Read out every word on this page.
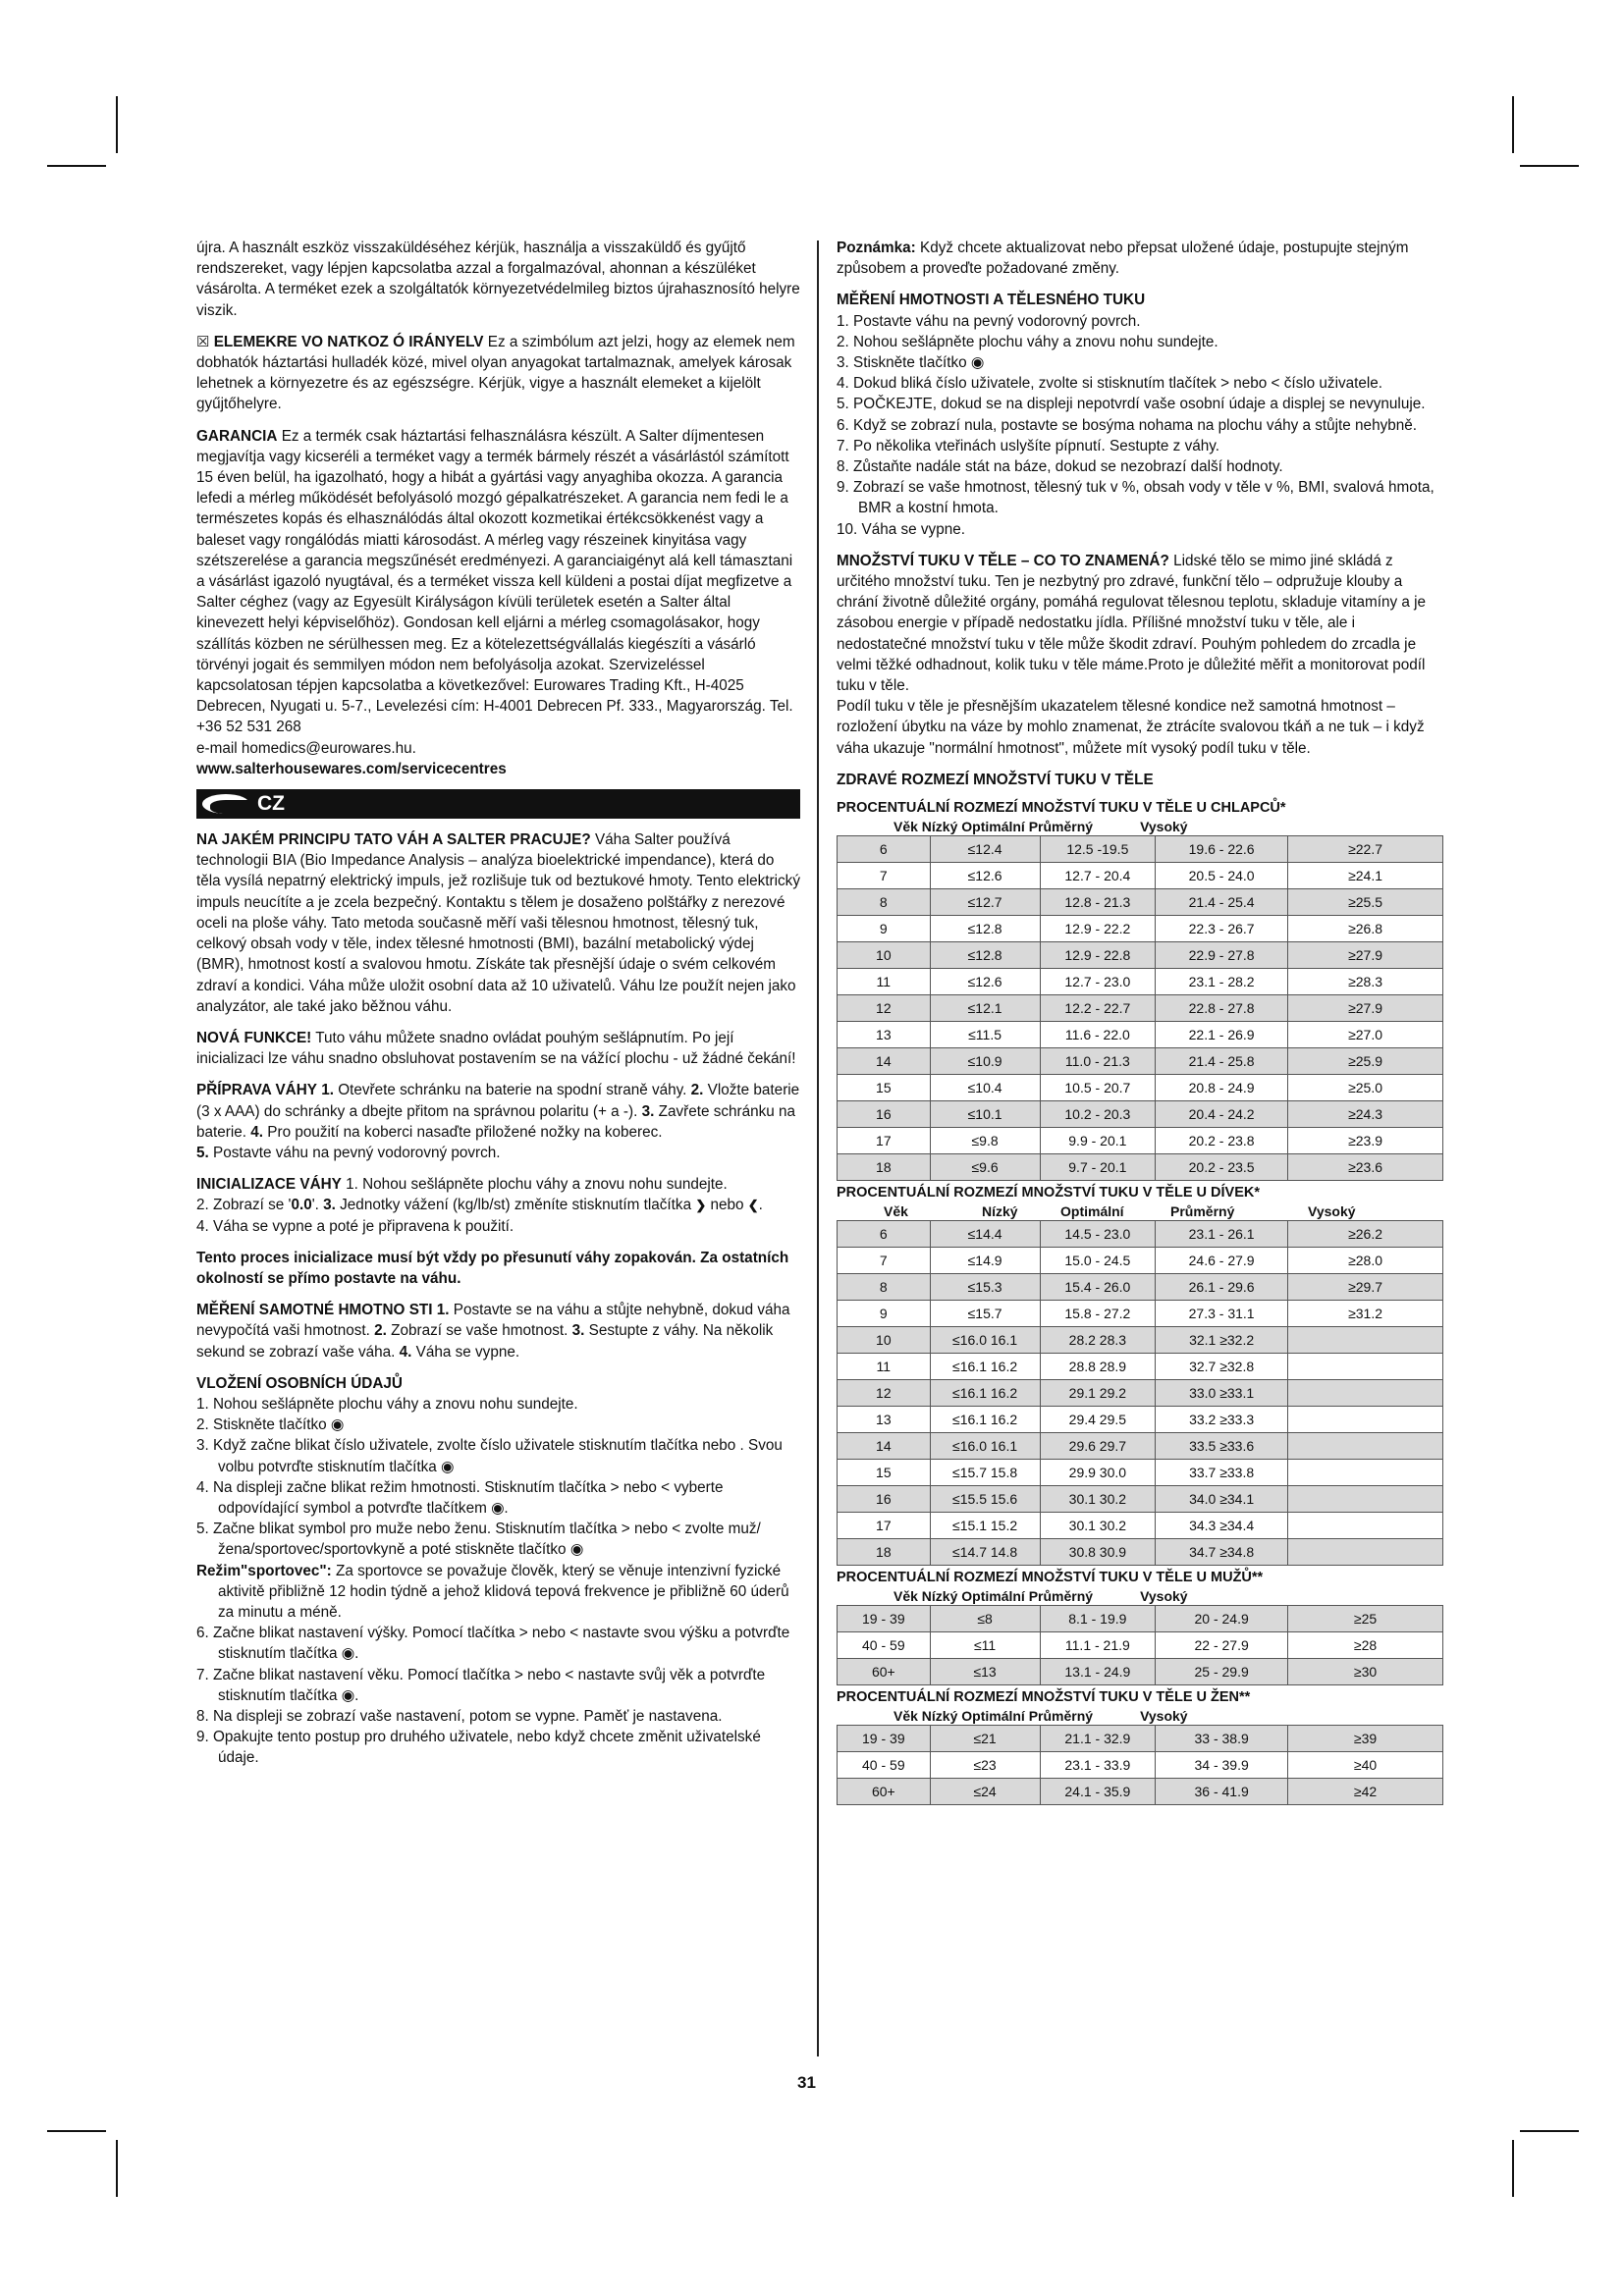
újra. A használt eszköz visszaküldéséhez kérjük, használja a visszaküldő és gyűjtő rendszereket, vagy lépjen kapcsolatba azzal a forgalmazóval, ahonnan a készüléket vásárolta. A terméket ezek a szolgáltatók környezetvédelmileg biztos újrahasznosító helyre viszik.

☒ ELEMEKRE VO NATKOZ Ó IRÁNYELV Ez a szimbólum azt jelzi, hogy az elemek nem dobhatók háztartási hulladék közé, mivel olyan anyagokat tartalmaznak, amelyek károsak lehetnek a környezetre és az egészségre. Kérjük, vigye a használt elemeket a kijelölt gyűjtőhelyre.

GARANCIA Ez a termék csak háztartási felhasználásra készült. A Salter díjmentesen megjavítja vagy kicseréli a terméket vagy a termék bármely részét a vásárlástól számított 15 éven belül, ha igazolható, hogy a hibát a gyártási vagy anyaghiba okozza. A garancia lefedi a mérleg működését befolyásoló mozgó gépalkatrészeket. A garancia nem fedi le a természetes kopás és elhasználódás által okozott kozmetikai értékcsökkenést vagy a baleset vagy rongálódás miatti károsodást. A mérleg vagy részeinek kinyitása vagy szétszerelése a garancia megszűnését eredményezi. A garanciaigényt alá kell támasztani a vásárlást igazoló nyugtával, és a terméket vissza kell küldeni a postai díjat megfizetve a Salter céghez (vagy az Egyesült Királyságon kívüli területek esetén a Salter által kinevezett helyi képviselőhöz). Gondosan kell eljárni a mérleg csomagolásakor, hogy szállítás közben ne sérülhessen meg. Ez a kötelezettségvállalás kiegészíti a vásárló törvényi jogait és semmilyen módon nem befolyásolja azokat. Szervizeléssel kapcsolatosan tépjen kapcsolatba a következővel: Eurowares Trading Kft., H-4025 Debrecen, Nyugati u. 5-7., Levelezési cím: H-4001 Debrecen Pf. 333., Magyarország. Tel. +36 52 531 268

e-mail homedics@eurowares.hu.

www.salterhousewares.com/servicecentres

CZ

NA JAKÉM PRINCIPU TATO VÁH A SALTER PRACUJE? Váha Salter používá technologii BIA (Bio Impedance Analysis – analýza bioelektrické impendance), která do těla vysílá nepatrný elektrický impuls, jež rozlišuje tuk od beztukové hmoty. Tento elektrický impuls neucítíte a je zcela bezpečný. Kontaktu s tělem je dosaženo polštářky z nerezové oceli na ploše váhy. Tato metoda současně měří vaši tělesnou hmotnost, tělesný tuk, celkový obsah vody v těle, index tělesné hmotnosti (BMI), bazální metabolický výdej (BMR), hmotnost kostí a svalovou hmotu. Získáte tak přesnější údaje o svém celkovém zdraví a kondici. Váha může uložit osobní data až 10 uživatelů. Váhu lze použít nejen jako analyzátor, ale také jako běžnou váhu.

NOVÁ FUNKCE! Tuto váhu můžete snadno ovládat pouhým sešlápnutím. Po její inicializaci lze váhu snadno obsluhovat postavením se na vážící plochu - už žádné čekání!

PŘÍPRAVA VÁHY 1. Otevřete schránku na baterie na spodní straně váhy. 2. Vložte baterie (3 x AAA) do schránky a dbejte přitom na správnou polaritu (+ a -). 3. Zavřete schránku na baterie. 4. Pro použití na koberci nasaďte přiložené nožky na koberec.
5. Postavte váhu na pevný vodorovný povrch.

INICIALIZACE VÁHY 1. Nohou sešlápněte plochu váhy a znovu nohu sundejte.
2. Zobrazí se '0.0'. 3. Jednotky vážení (kg/lb/st) změníte stisknutím tlačítka ❯ nebo ❮.
4. Váha se vypne a poté je připravena k použití.

Tento proces inicializace musí být vždy po přesunutí váhy zopakován. Za ostatních okolností se přímo postavte na váhu.

MĚŘENÍ SAMOTNÉ HMOTNO STI 1. Postavte se na váhu a stůjte nehybně, dokud váha nevypočítá vaši hmotnost. 2. Zobrazí se vaše hmotnost. 3. Sestupte z váhy. Na několik sekund se zobrazí vaše váha. 4. Váha se vypne.

VLOŽENÍ OSOBNÍCH ÚDAJŮ

1. Nohou sešlápněte plochu váhy a znovu nohu sundejte.
2. Stiskněte tlačítko ◉
3. Když začne blikat číslo uživatele, zvolte číslo uživatele stisknutím tlačítka nebo . Svou volbu potvrďte stisknutím tlačítka ◉
4. Na displeji začne blikat režim hmotnosti. Stisknutím tlačítka > nebo < vyberte odpovídající symbol a potvrďte tlačítkem ◉.
5. Začne blikat symbol pro muže nebo ženu. Stisknutím tlačítka > nebo < zvolte muž/žena/sportovec/sportovkyně a poté stiskněte tlačítko ◉

Režim"sportovec": Za sportovce se považuje člověk, který se věnuje intenzivní fyzické aktivitě přibližně 12 hodin týdně a jehož klidová tepová frekvence je přibližně 60 úderů za minutu a méně.

6. Začne blikat nastavení výšky. Pomocí tlačítka > nebo < nastavte svou výšku a potvrďte stisknutím tlačítka ◉.
7. Začne blikat nastavení věku. Pomocí tlačítka > nebo < nastavte svůj věk a potvrďte stisknutím tlačítka ◉.
8. Na displeji se zobrazí vaše nastavení, potom se vypne. Paměť je nastavena.
9. Opakujte tento postup pro druhého uživatele, nebo když chcete změnit uživatelské údaje.

Poznámka: Když chcete aktualizovat nebo přepsat uložené údaje, postupujte stejným způsobem a proveďte požadované změny.

MĚŘENÍ HMOTNOSTI A TĚLESNÉHO TUKU

1. Postavte váhu na pevný vodorovný povrch.
2. Nohou sešlápněte plochu váhy a znovu nohu sundejte.
3. Stiskněte tlačítko ◉
4. Dokud bliká číslo uživatele, zvolte si stisknutím tlačítek > nebo < číslo uživatele.
5. POČKEJTE, dokud se na displeji nepotvrdí vaše osobní údaje a displej se nevynuluje.
6. Když se zobrazí nula, postavte se bosýma nohama na plochu váhy a stůjte nehybně.
7. Po několika vteřinách uslyšíte pípnutí. Sestupte z váhy.
8. Zůstaňte nadále stát na báze, dokud se nezobrazí další hodnoty.
9. Zobrazí se vaše hmotnost, tělesný tuk v %, obsah vody v těle v %, BMI, svalová hmota, BMR a kostní hmota.
10. Váha se vypne.

MNOŽSTVÍ TUKU V TĚLE – CO TO ZNAMENÁ? Lidské tělo se mimo jiné skládá z určitého množství tuku. Ten je nezbytný pro zdravé, funkční tělo – odpružuje klouby a chrání životně důležité orgány, pomáhá regulovat tělesnou teplotu, skladuje vitamíny a je zásobou energie v případě nedostatku jídla. Přílišné množství tuku v těle, ale i nedostatečné množství tuku v těle může škodit zdraví. Pouhým pohledem do zrcadla je velmi těžké odhadnout, kolik tuku v těle máme.Proto je důležité měřit a monitorovat podíl tuku v těle.

Podíl tuku v těle je přesnějším ukazatelem tělesné kondice než samotná hmotnost – rozložení úbytku na váze by mohlo znamenat, že ztrácíte svalovou tkáň a ne tuk – i když váha ukazuje "normální hmotnost", můžete mít vysoký podíl tuku v těle.

ZDRAVÉ ROZMEZÍ MNOŽSTVÍ TUKU V TĚLE

PROCENTUÁLNÍ ROZMEZÍ MNOŽSTVÍ TUKU V TĚLE U CHLAPCŮ*
Věk Nízký Optimální Průměrný	Vysoký
6	≤12.4	12.5 -19.5	19.6 - 22.6	≥22.7
7	≤12.6	12.7 - 20.4	20.5 - 24.0	≥24.1
8	≤12.7	12.8 - 21.3	21.4 - 25.4	≥25.5
9	≤12.8	12.9 - 22.2	22.3 - 26.7	≥26.8
10	≤12.8	12.9 - 22.8	22.9 - 27.8	≥27.9
11	≤12.6	12.7 - 23.0	23.1 - 28.2	≥28.3
12	≤12.1	12.2 - 22.7	22.8 - 27.8	≥27.9
13	≤11.5	11.6 - 22.0	22.1 - 26.9	≥27.0
14	≤10.9	11.0 - 21.3	21.4 - 25.8	≥25.9
15	≤10.4	10.5 - 20.7	20.8 - 24.9	≥25.0
16	≤10.1	10.2 - 20.3	20.4 - 24.2	≥24.3
17	≤9.8	9.9 - 20.1	20.2 - 23.8	≥23.9
18	≤9.6	9.7 - 20.1	20.2 - 23.5	≥23.6
PROCENTUÁLNÍ ROZMEZÍ MNOŽSTVÍ TUKU V TĚLE U DÍVEK*
Věk	Nízký	Optimální	Průměrný	Vysoký
6	≤14.4	14.5 - 23.0	23.1 - 26.1	≥26.2
7	≤14.9	15.0 - 24.5	24.6 - 27.9	≥28.0
8	≤15.3	15.4 - 26.0	26.1 - 29.6	≥29.7
9	≤15.7	15.8 - 27.2	27.3 - 31.1	≥31.2
10	≤16.0 16.1	28.2 28.3	32.1 ≥32.2	
11	≤16.1 16.2	28.8 28.9	32.7 ≥32.8	
12	≤16.1 16.2	29.1 29.2	33.0 ≥33.1	
13	≤16.1 16.2	29.4 29.5	33.2 ≥33.3	
14	≤16.0 16.1	29.6 29.7	33.5 ≥33.6	
15	≤15.7 15.8	29.9 30.0	33.7 ≥33.8	
16	≤15.5 15.6	30.1 30.2	34.0 ≥34.1	
17	≤15.1 15.2	30.1 30.2	34.3 ≥34.4	
18	≤14.7 14.8	30.8 30.9	34.7 ≥34.8	
PROCENTUÁLNÍ ROZMEZÍ MNOŽSTVÍ TUKU V TĚLE U MUŽŮ**
Věk Nízký Optimální Průměrný	Vysoký
19 - 39	≤8	8.1 - 19.9	20 - 24.9	≥25
40 - 59	≤11	11.1 - 21.9	22 - 27.9	≥28
60+	≤13	13.1 - 24.9	25 - 29.9	≥30
PROCENTUÁLNÍ ROZMEZÍ MNOŽSTVÍ TUKU V TĚLE U ŽEN**
Věk Nízký Optimální Průměrný	Vysoký
19 - 39	≤21	21.1 - 32.9	33 - 38.9	≥39
40 - 59	≤23	23.1 - 33.9	34 - 39.9	≥40
60+	≤24	24.1 - 35.9	36 - 41.9	≥42
31
